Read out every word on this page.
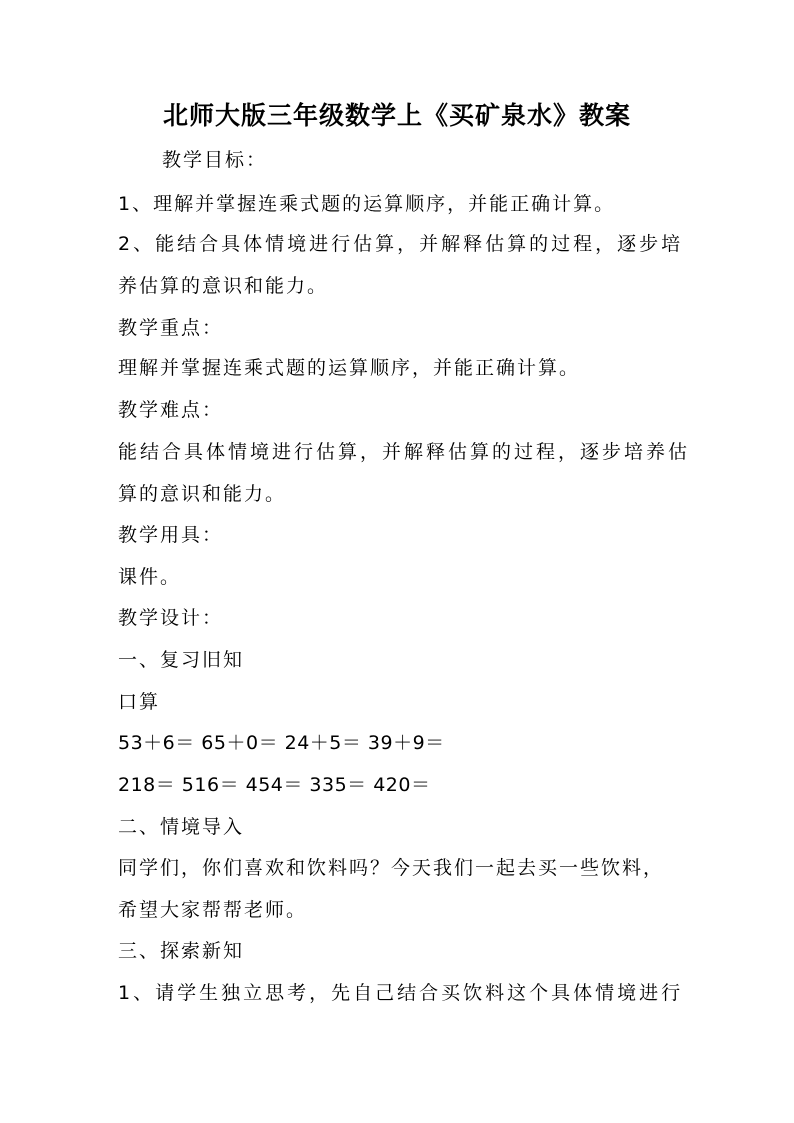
北师大版三年级数学上《买矿泉水》教案
教学目标：
1、理解并掌握连乘式题的运算顺序，并能正确计算。
2、能结合具体情境进行估算，并解释估算的过程，逐步培
养估算的意识和能力。
教学重点：
理解并掌握连乘式题的运算顺序，并能正确计算。
教学难点：
能结合具体情境进行估算，并解释估算的过程，逐步培养估
算的意识和能力。
教学用具：
课件。
教学设计：
一、复习旧知
口算
53＋6＝ 65＋0＝ 24＋5＝ 39＋9＝
218＝ 516＝ 454＝ 335＝ 420＝
二、情境导入
同学们，你们喜欢和饮料吗？今天我们一起去买一些饮料，
希望大家帮帮老师。
三、探索新知
1、请学生独立思考，先自己结合买饮料这个具体情境进行
